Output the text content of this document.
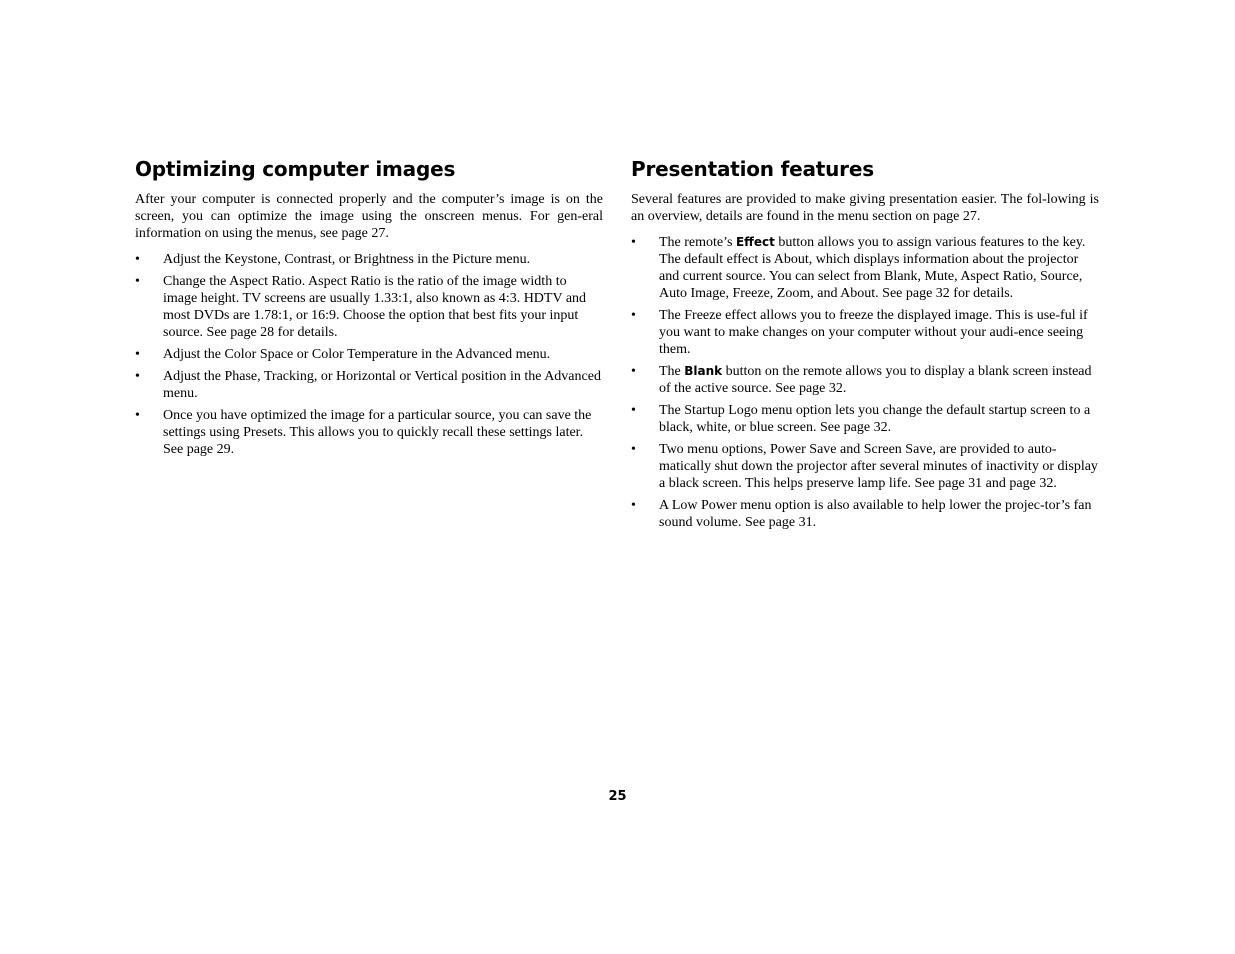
Optimizing computer images

After your computer is connected properly and the computer’s image is on the screen, you can optimize the image using the onscreen menus. For gen-eral information on using the menus, see page 27.

•	Adjust the Keystone, Contrast, or Brightness in the Picture menu.
•	Change the Aspect Ratio. Aspect Ratio is the ratio of the image width to image height. TV screens are usually 1.33:1, also known as 4:3. HDTV and most DVDs are 1.78:1, or 16:9. Choose the option that best fits your input source. See page 28 for details.
•	Adjust the Color Space or Color Temperature in the Advanced menu.
•	Adjust the Phase, Tracking, or Horizontal or Vertical position in the Advanced menu.
•	Once you have optimized the image for a particular source, you can save the settings using Presets. This allows you to quickly recall these settings later. See page 29.
Presentation features

Several features are provided to make giving presentation easier. The fol-lowing is an overview, details are found in the menu section on page 27.

•	The remote’s Effect button allows you to assign various features to the key. The default effect is About, which displays information about the projector and current source. You can select from Blank, Mute, Aspect Ratio, Source, Auto Image, Freeze, Zoom, and About. See page 32 for details.
•	The Freeze effect allows you to freeze the displayed image. This is use-ful if you want to make changes on your computer without your audi-ence seeing them.
•	The Blank button on the remote allows you to display a blank screen instead of the active source. See page 32.
•	The Startup Logo menu option lets you change the default startup screen to a black, white, or blue screen. See page 32.
•	Two menu options, Power Save and Screen Save, are provided to auto-matically shut down the projector after several minutes of inactivity or display a black screen. This helps preserve lamp life. See page 31 and page 32.
•	A Low Power menu option is also available to help lower the projec-tor’s fan sound volume. See page 31.
25
